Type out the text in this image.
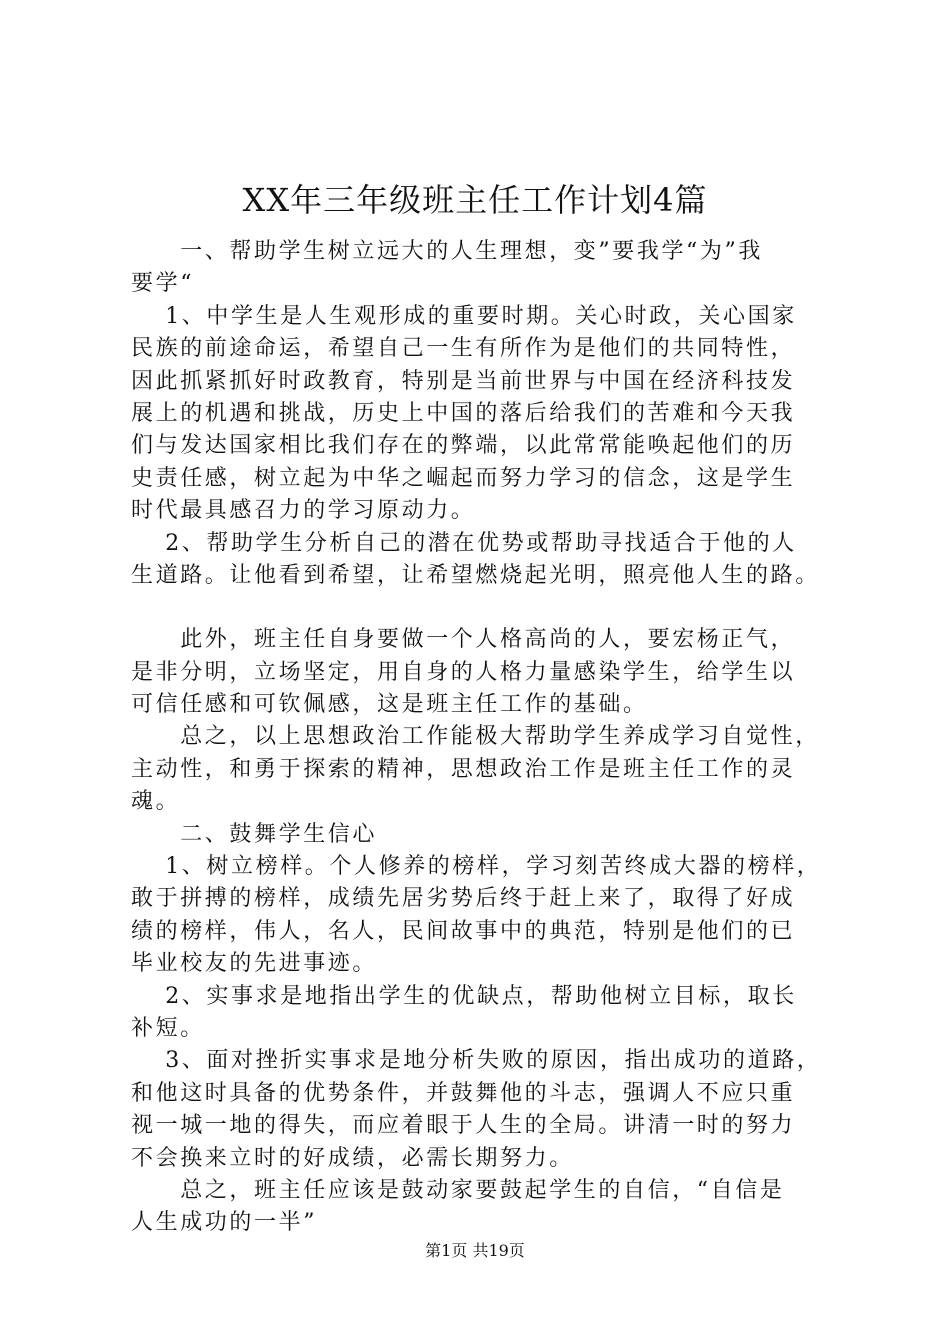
XX年三年级班主任工作计划4篇
　　一、帮助学生树立远大的人生理想，变”要我学“为”我
要学“
　 1、中学生是人生观形成的重要时期。关心时政，关心国家
民族的前途命运，希望自己一生有所作为是他们的共同特性，
因此抓紧抓好时政教育，特别是当前世界与中国在经济科技发
展上的机遇和挑战，历史上中国的落后给我们的苦难和今天我
们与发达国家相比我们存在的弊端，以此常常能唤起他们的历
史责任感，树立起为中华之崛起而努力学习的信念，这是学生
时代最具感召力的学习原动力。
　 2、帮助学生分析自己的潜在优势或帮助寻找适合于他的人
生道路。让他看到希望，让希望燃烧起光明，照亮他人生的路。
　　此外，班主任自身要做一个人格高尚的人，要宏杨正气，
是非分明，立场坚定，用自身的人格力量感染学生，给学生以
可信任感和可钦佩感，这是班主任工作的基础。
　　总之，以上思想政治工作能极大帮助学生养成学习自觉性，
主动性，和勇于探索的精神，思想政治工作是班主任工作的灵
魂。
　　二、鼓舞学生信心
　 1、树立榜样。个人修养的榜样，学习刻苦终成大器的榜样，
敢于拼搏的榜样，成绩先居劣势后终于赶上来了，取得了好成
绩的榜样，伟人，名人，民间故事中的典范，特别是他们的已
毕业校友的先进事迹。
　 2、实事求是地指出学生的优缺点，帮助他树立目标，取长
补短。
　 3、面对挫折实事求是地分析失败的原因，指出成功的道路，
和他这时具备的优势条件，并鼓舞他的斗志，强调人不应只重
视一城一地的得失，而应着眼于人生的全局。讲清一时的努力
不会换来立时的好成绩，必需长期努力。
　　总之，班主任应该是鼓动家要鼓起学生的自信，“自信是
人生成功的一半”
第1页 共19页
